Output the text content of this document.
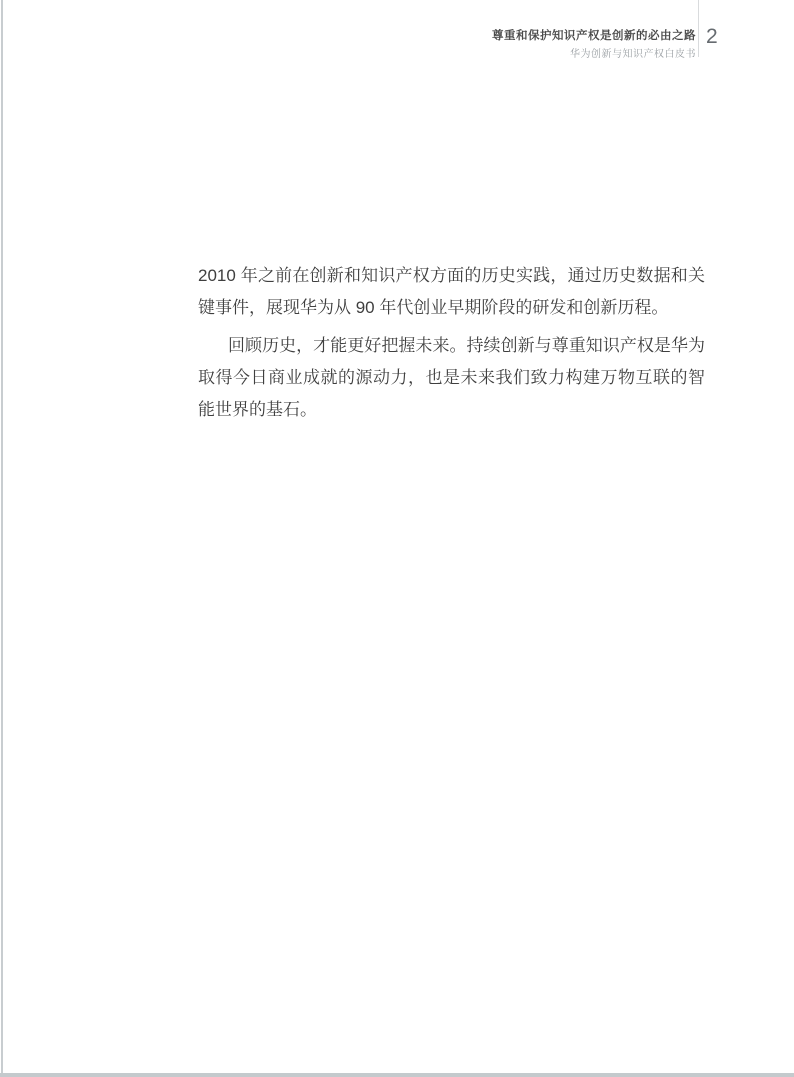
尊重和保护知识产权是创新的必由之路
华为创新与知识产权白皮书
2

2010 年之前在创新和知识产权方面的历史实践，通过历史数据和关键事件，展现华为从 90 年代创业早期阶段的研发和创新历程。

回顾历史，才能更好把握未来。持续创新与尊重知识产权是华为取得今日商业成就的源动力，也是未来我们致力构建万物互联的智能世界的基石。
